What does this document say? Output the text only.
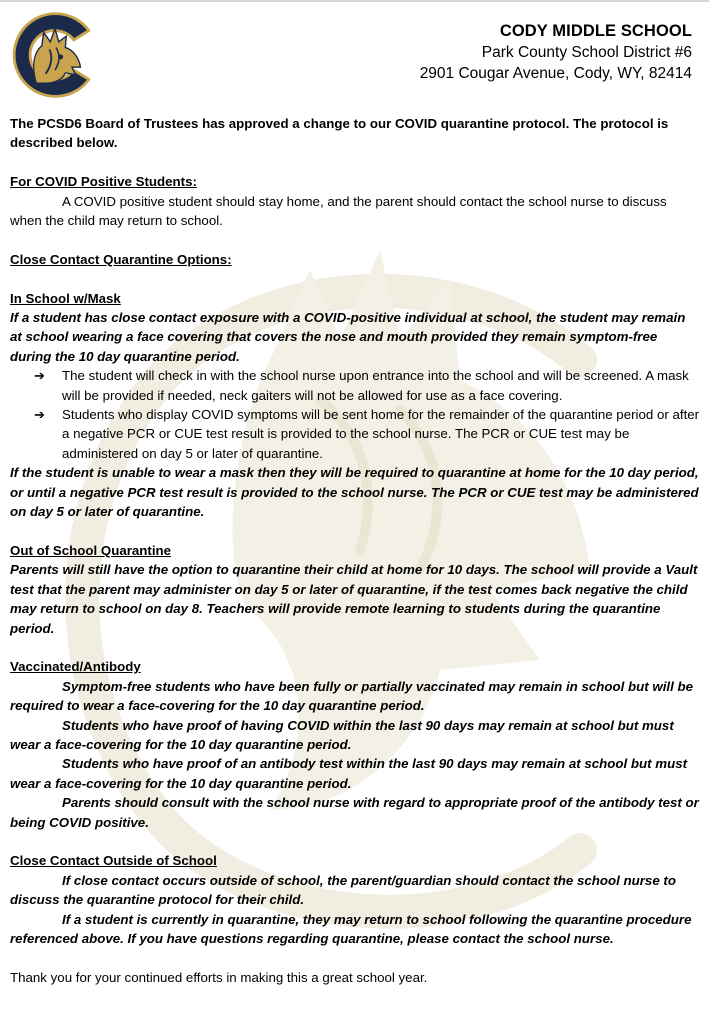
CODY MIDDLE SCHOOL
Park County School District #6
2901 Cougar Avenue, Cody, WY, 82414

The PCSD6 Board of Trustees has approved a change to our COVID quarantine protocol. The protocol is described below.

For COVID Positive Students:

A COVID positive student should stay home, and the parent should contact the school nurse to discuss when the child may return to school.

Close Contact Quarantine Options:

In School w/Mask

If a student has close contact exposure with a COVID-positive individual at school, the student may remain at school wearing a face covering that covers the nose and mouth provided they remain symptom-free during the 10 day quarantine period.

➔ The student will check in with the school nurse upon entrance into the school and will be screened. A mask will be provided if needed, neck gaiters will not be allowed for use as a face covering.
➔ Students who display COVID symptoms will be sent home for the remainder of the quarantine period or after a negative PCR or CUE test result is provided to the school nurse. The PCR or CUE test may be administered on day 5 or later of quarantine.

If the student is unable to wear a mask then they will be required to quarantine at home for the 10 day period, or until a negative PCR test result is provided to the school nurse. The PCR or CUE test may be administered on day 5 or later of quarantine.

Out of School Quarantine

Parents will still have the option to quarantine their child at home for 10 days. The school will provide a Vault test that the parent may administer on day 5 or later of quarantine, if the test comes back negative the child may return to school on day 8. Teachers will provide remote learning to students during the quarantine period.

Vaccinated/Antibody

Symptom-free students who have been fully or partially vaccinated may remain in school but will be required to wear a face-covering for the 10 day quarantine period.

Students who have proof of having COVID within the last 90 days may remain at school but must wear a face-covering for the 10 day quarantine period.

Students who have proof of an antibody test within the last 90 days may remain at school but must wear a face-covering for the 10 day quarantine period.

Parents should consult with the school nurse with regard to appropriate proof of the antibody test or being COVID positive.

Close Contact Outside of School

If close contact occurs outside of school, the parent/guardian should contact the school nurse to discuss the quarantine protocol for their child.

If a student is currently in quarantine, they may return to school following the quarantine procedure referenced above. If you have questions regarding quarantine, please contact the school nurse.

Thank you for your continued efforts in making this a great school year.
